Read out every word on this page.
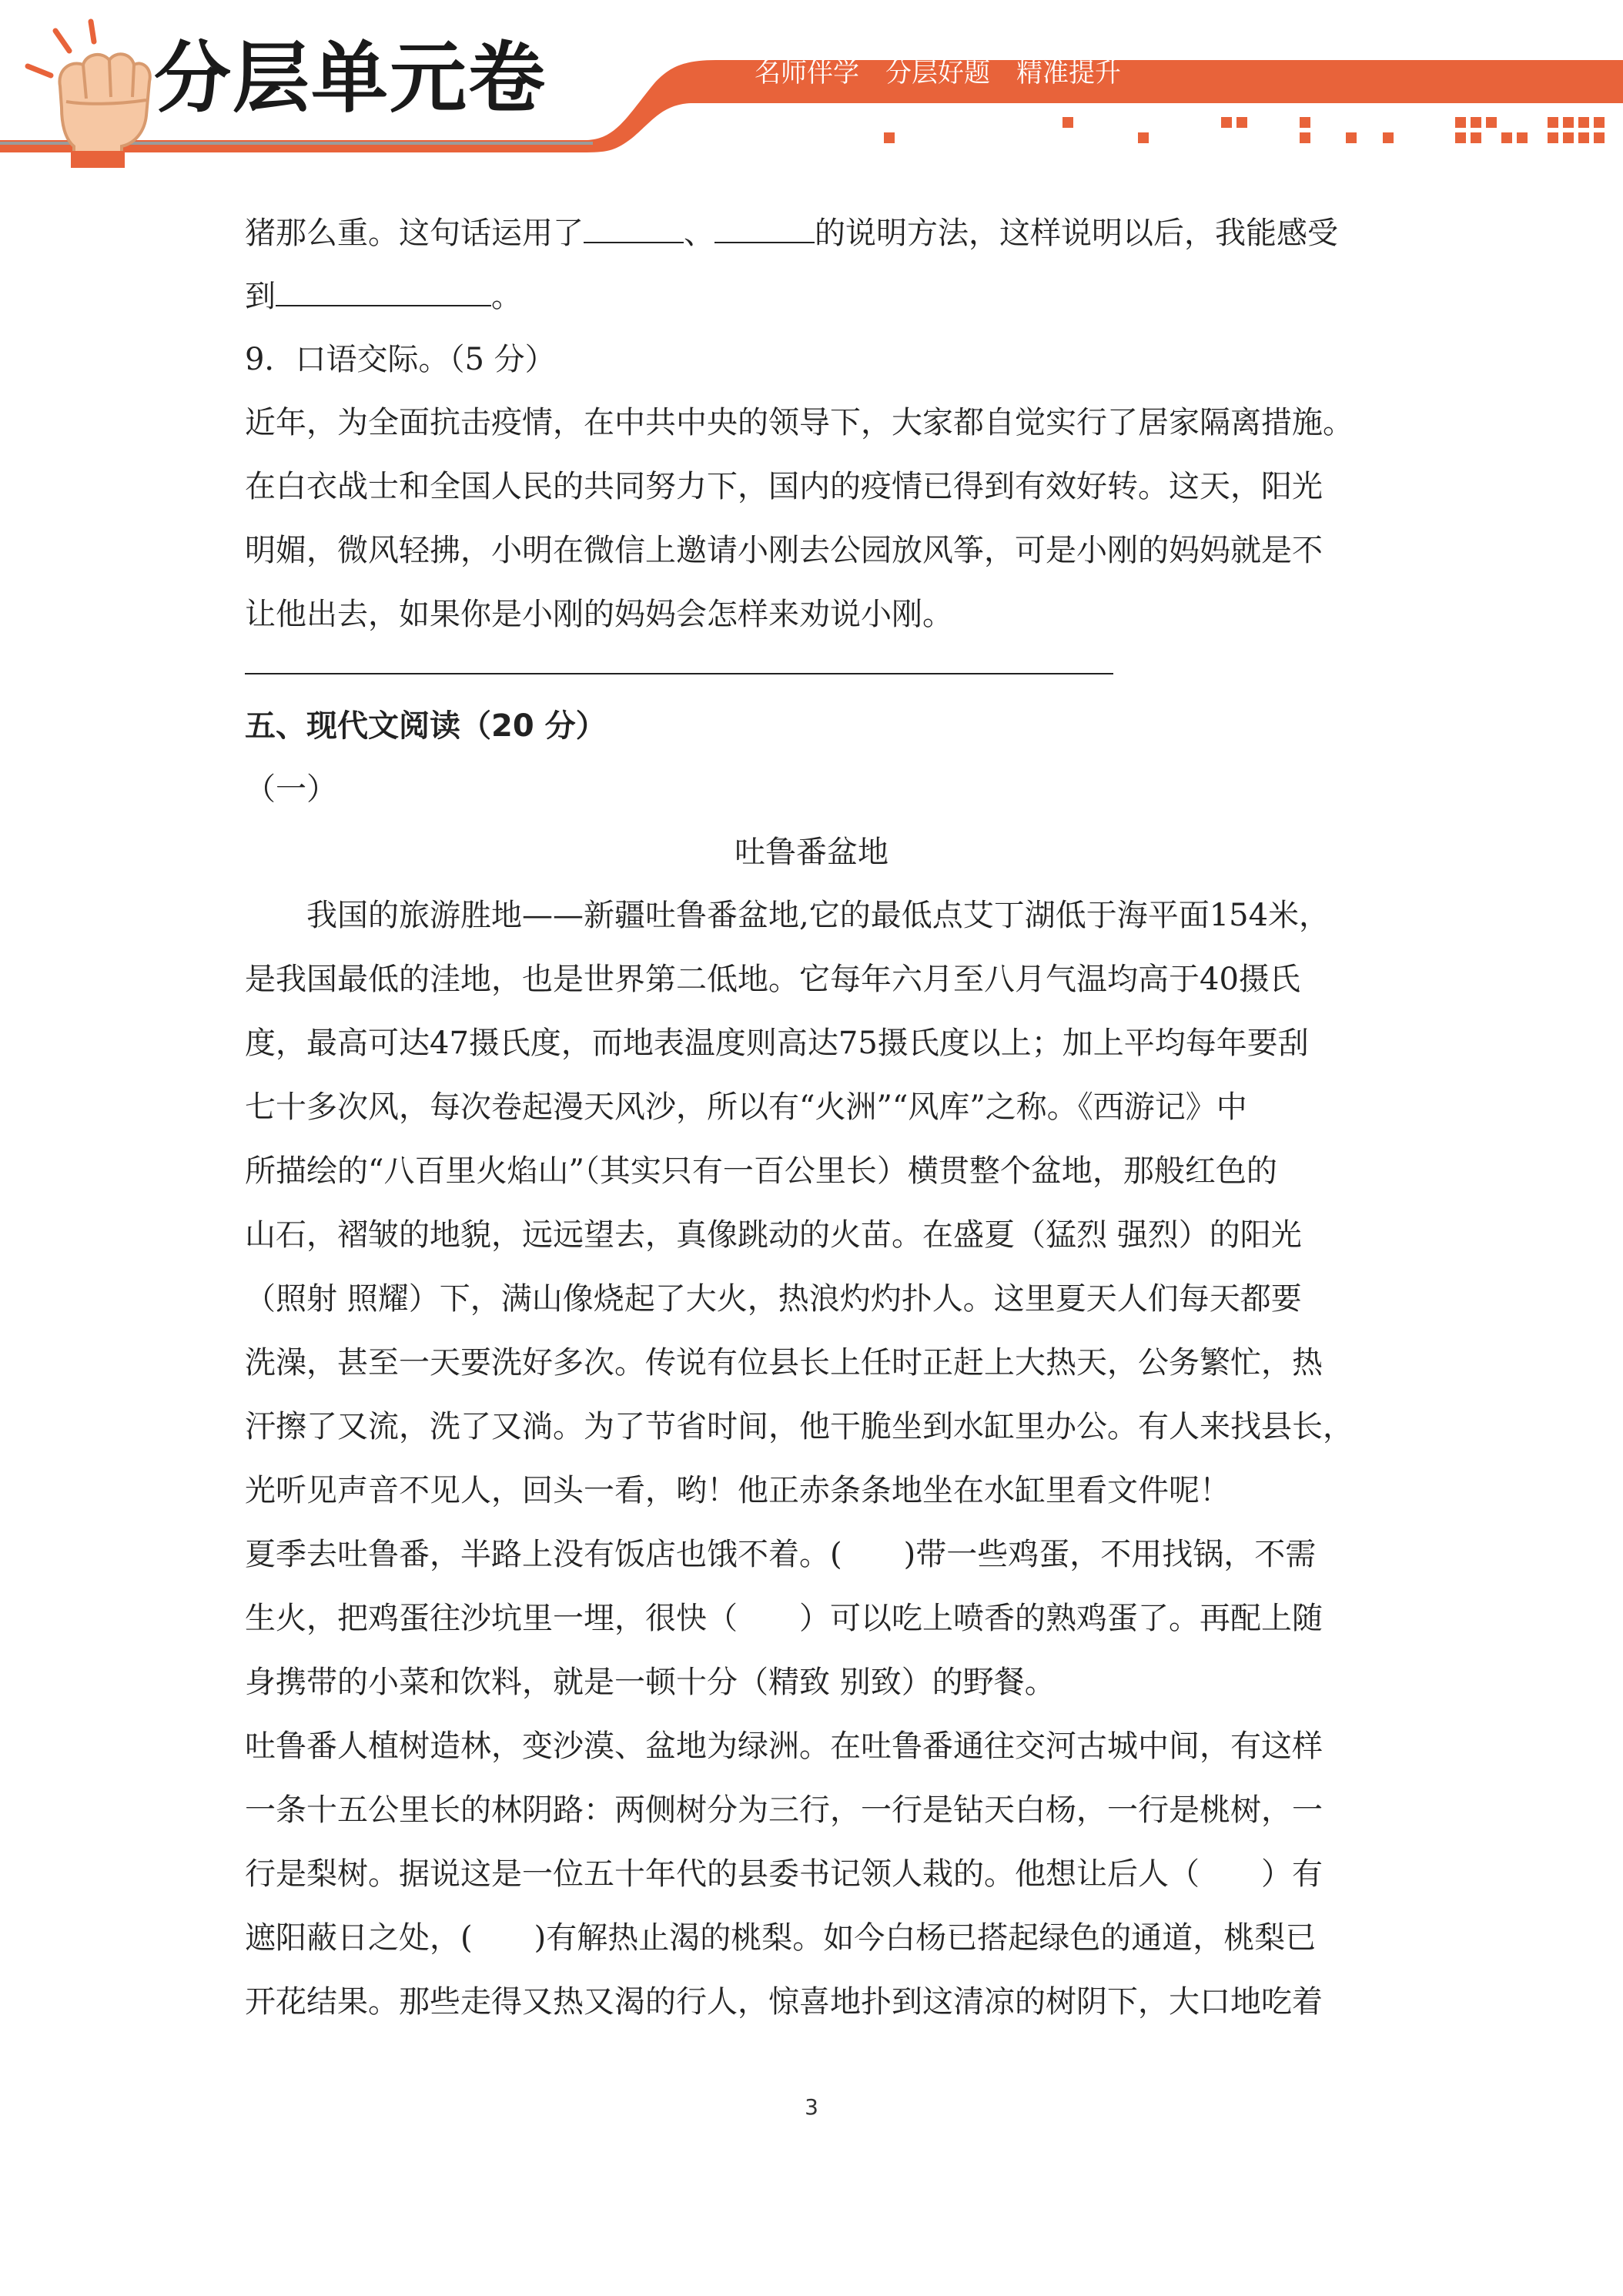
分层单元卷	名师伴学 分层好题 精准提升
猪那么重。这句话运用了	、	的说明方法，这样说明以后，我能感受
到	。
9．口语交际。（5 分）
近年，为全面抗击疫情，在中共中央的领导下，大家都自觉实行了居家隔离措施。
在白衣战士和全国人民的共同努力下，国内的疫情已得到有效好转。这天，阳光
明媚，微风轻拂，小明在微信上邀请小刚去公园放风筝，可是小刚的妈妈就是不
让他出去，如果你是小刚的妈妈会怎样来劝说小刚。
五、现代文阅读（20 分）
（一）
吐鲁番盆地
我国的旅游胜地——新疆吐鲁番盆地,它的最低点艾丁湖低于海平面154米，
是我国最低的洼地，也是世界第二低地。它每年六月至八月气温均高于40摄氏
度，最高可达47摄氏度，而地表温度则高达75摄氏度以上；加上平均每年要刮
七十多次风，每次卷起漫天风沙，所以有“火洲”“风库”之称。《西游记》中
所描绘的“八百里火焰山”（其实只有一百公里长）横贯整个盆地，那般红色的
山石，褶皱的地貌，远远望去，真像跳动的火苗。在盛夏（猛烈 强烈）的阳光
（照射 照耀）下，满山像烧起了大火，热浪灼灼扑人。这里夏天人们每天都要
洗澡，甚至一天要洗好多次。传说有位县长上任时正赶上大热天，公务繁忙，热
汗擦了又流，洗了又淌。为了节省时间，他干脆坐到水缸里办公。有人来找县长，
光听见声音不见人，回头一看，哟！他正赤条条地坐在水缸里看文件呢！
夏季去吐鲁番，半路上没有饭店也饿不着。(　　)带一些鸡蛋，不用找锅，不需
生火，把鸡蛋往沙坑里一埋，很快（　　）可以吃上喷香的熟鸡蛋了。再配上随
身携带的小菜和饮料，就是一顿十分（精致 别致）的野餐。
吐鲁番人植树造林，变沙漠、盆地为绿洲。在吐鲁番通往交河古城中间，有这样
一条十五公里长的林阴路：两侧树分为三行，一行是钻天白杨，一行是桃树，一
行是梨树。据说这是一位五十年代的县委书记领人栽的。他想让后人（　　）有
遮阳蔽日之处，(　　)有解热止渴的桃梨。如今白杨已搭起绿色的通道，桃梨已
开花结果。那些走得又热又渴的行人，惊喜地扑到这清凉的树阴下，大口地吃着
3
